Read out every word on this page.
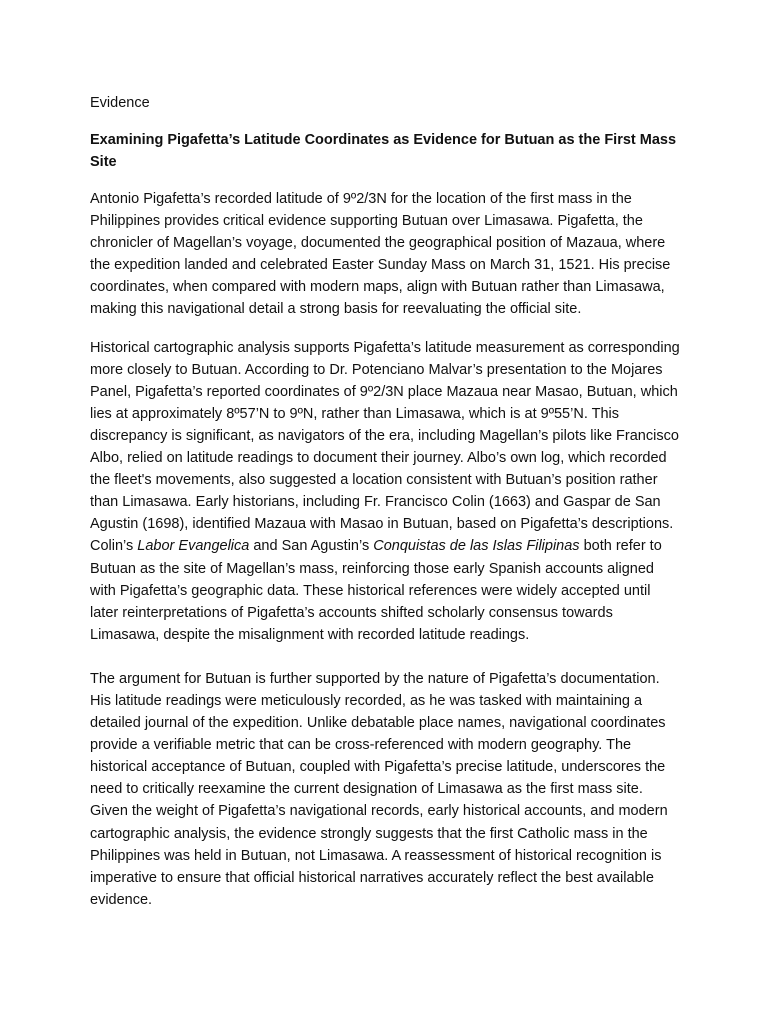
Evidence

Examining Pigafetta’s Latitude Coordinates as Evidence for Butuan as the First Mass Site

Antonio Pigafetta’s recorded latitude of 9º2/3N for the location of the first mass in the Philippines provides critical evidence supporting Butuan over Limasawa. Pigafetta, the chronicler of Magellan’s voyage, documented the geographical position of Mazaua, where the expedition landed and celebrated Easter Sunday Mass on March 31, 1521. His precise coordinates, when compared with modern maps, align with Butuan rather than Limasawa, making this navigational detail a strong basis for reevaluating the official site.

Historical cartographic analysis supports Pigafetta’s latitude measurement as corresponding more closely to Butuan. According to Dr. Potenciano Malvar’s presentation to the Mojares Panel, Pigafetta’s reported coordinates of 9º2/3N place Mazaua near Masao, Butuan, which lies at approximately 8º57’N to 9ºN, rather than Limasawa, which is at 9º55’N. This discrepancy is significant, as navigators of the era, including Magellan’s pilots like Francisco Albo, relied on latitude readings to document their journey. Albo’s own log, which recorded the fleet's movements, also suggested a location consistent with Butuan’s position rather than Limasawa. Early historians, including Fr. Francisco Colin (1663) and Gaspar de San Agustin (1698), identified Mazaua with Masao in Butuan, based on Pigafetta’s descriptions. Colin’s Labor Evangelica and San Agustin’s Conquistas de las Islas Filipinas both refer to Butuan as the site of Magellan’s mass, reinforcing those early Spanish accounts aligned with Pigafetta’s geographic data. These historical references were widely accepted until later reinterpretations of Pigafetta’s accounts shifted scholarly consensus towards Limasawa, despite the misalignment with recorded latitude readings.

The argument for Butuan is further supported by the nature of Pigafetta’s documentation. His latitude readings were meticulously recorded, as he was tasked with maintaining a detailed journal of the expedition. Unlike debatable place names, navigational coordinates provide a verifiable metric that can be cross-referenced with modern geography. The historical acceptance of Butuan, coupled with Pigafetta’s precise latitude, underscores the need to critically reexamine the current designation of Limasawa as the first mass site. Given the weight of Pigafetta’s navigational records, early historical accounts, and modern cartographic analysis, the evidence strongly suggests that the first Catholic mass in the Philippines was held in Butuan, not Limasawa. A reassessment of historical recognition is imperative to ensure that official historical narratives accurately reflect the best available evidence.
